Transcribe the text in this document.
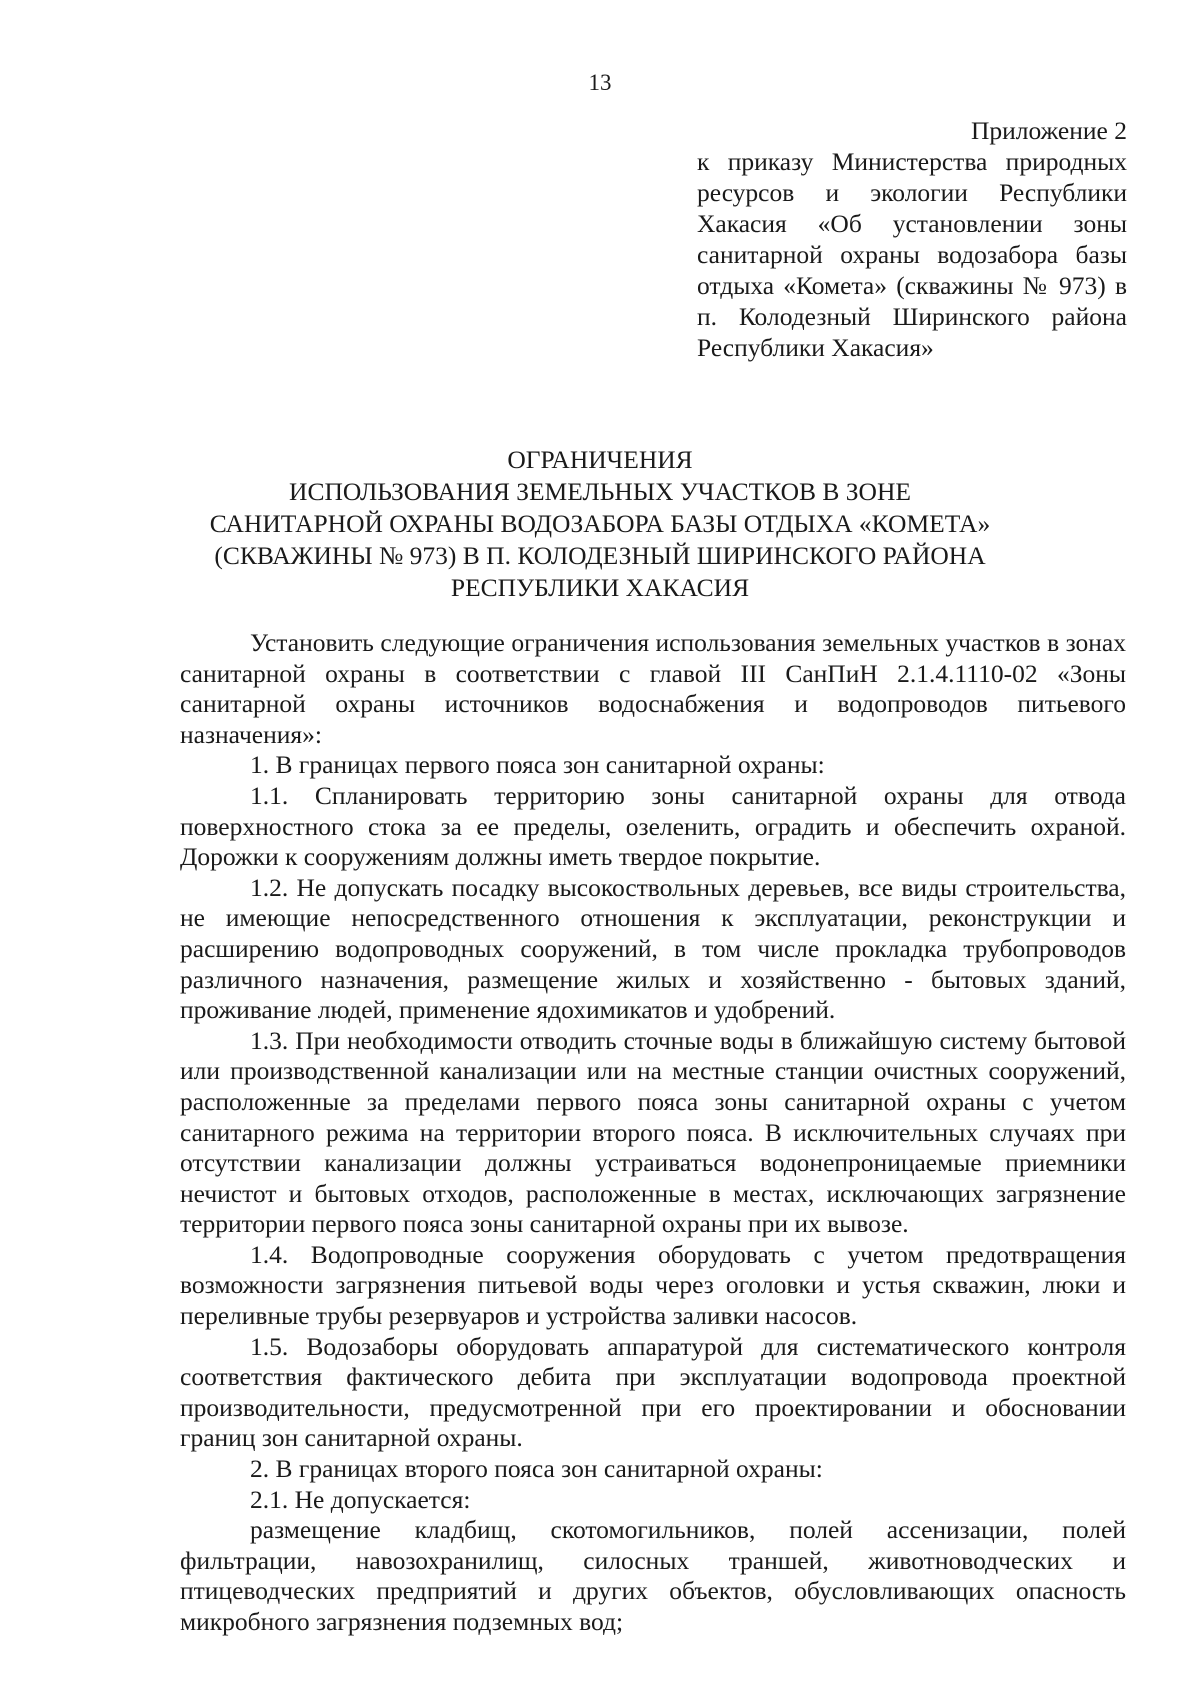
13
Приложение 2
к приказу Министерства природных ресурсов и экологии Республики Хакасия «Об установлении зоны санитарной охраны водозабора базы отдыха «Комета» (скважины № 973) в п. Колодезный Ширинского района Республики Хакасия»
ОГРАНИЧЕНИЯ
ИСПОЛЬЗОВАНИЯ ЗЕМЕЛЬНЫХ УЧАСТКОВ В ЗОНЕ
САНИТАРНОЙ ОХРАНЫ ВОДОЗАБОРА БАЗЫ ОТДЫХА «КОМЕТА»
(СКВАЖИНЫ № 973) В П. КОЛОДЕЗНЫЙ ШИРИНСКОГО РАЙОНА
РЕСПУБЛИКИ ХАКАСИЯ

Установить следующие ограничения использования земельных участков в зонах санитарной охраны в соответствии с главой III СанПиН 2.1.4.1110-02 «Зоны санитарной охраны источников водоснабжения и водопроводов питьевого назначения»:

1. В границах первого пояса зон санитарной охраны:

1.1. Спланировать территорию зоны санитарной охраны для отвода поверхностного стока за ее пределы, озеленить, оградить и обеспечить охраной. Дорожки к сооружениям должны иметь твердое покрытие.

1.2. Не допускать посадку высокоствольных деревьев, все виды строительства, не имеющие непосредственного отношения к эксплуатации, реконструкции и расширению водопроводных сооружений, в том числе прокладка трубопроводов различного назначения, размещение жилых и хозяйственно - бытовых зданий, проживание людей, применение ядохимикатов и удобрений.

1.3. При необходимости отводить сточные воды в ближайшую систему бытовой или производственной канализации или на местные станции очистных сооружений, расположенные за пределами первого пояса зоны санитарной охраны с учетом санитарного режима на территории второго пояса. В исключительных случаях при отсутствии канализации должны устраиваться водонепроницаемые приемники нечистот и бытовых отходов, расположенные в местах, исключающих загрязнение территории первого пояса зоны санитарной охраны при их вывозе.

1.4. Водопроводные сооружения оборудовать с учетом предотвращения возможности загрязнения питьевой воды через оголовки и устья скважин, люки и переливные трубы резервуаров и устройства заливки насосов.

1.5. Водозаборы оборудовать аппаратурой для систематического контроля соответствия фактического дебита при эксплуатации водопровода проектной производительности, предусмотренной при его проектировании и обосновании границ зон санитарной охраны.

2. В границах второго пояса зон санитарной охраны:

2.1. Не допускается:

размещение кладбищ, скотомогильников, полей ассенизации, полей фильтрации, навозохранилищ, силосных траншей, животноводческих и птицеводческих предприятий и других объектов, обусловливающих опасность микробного загрязнения подземных вод;
